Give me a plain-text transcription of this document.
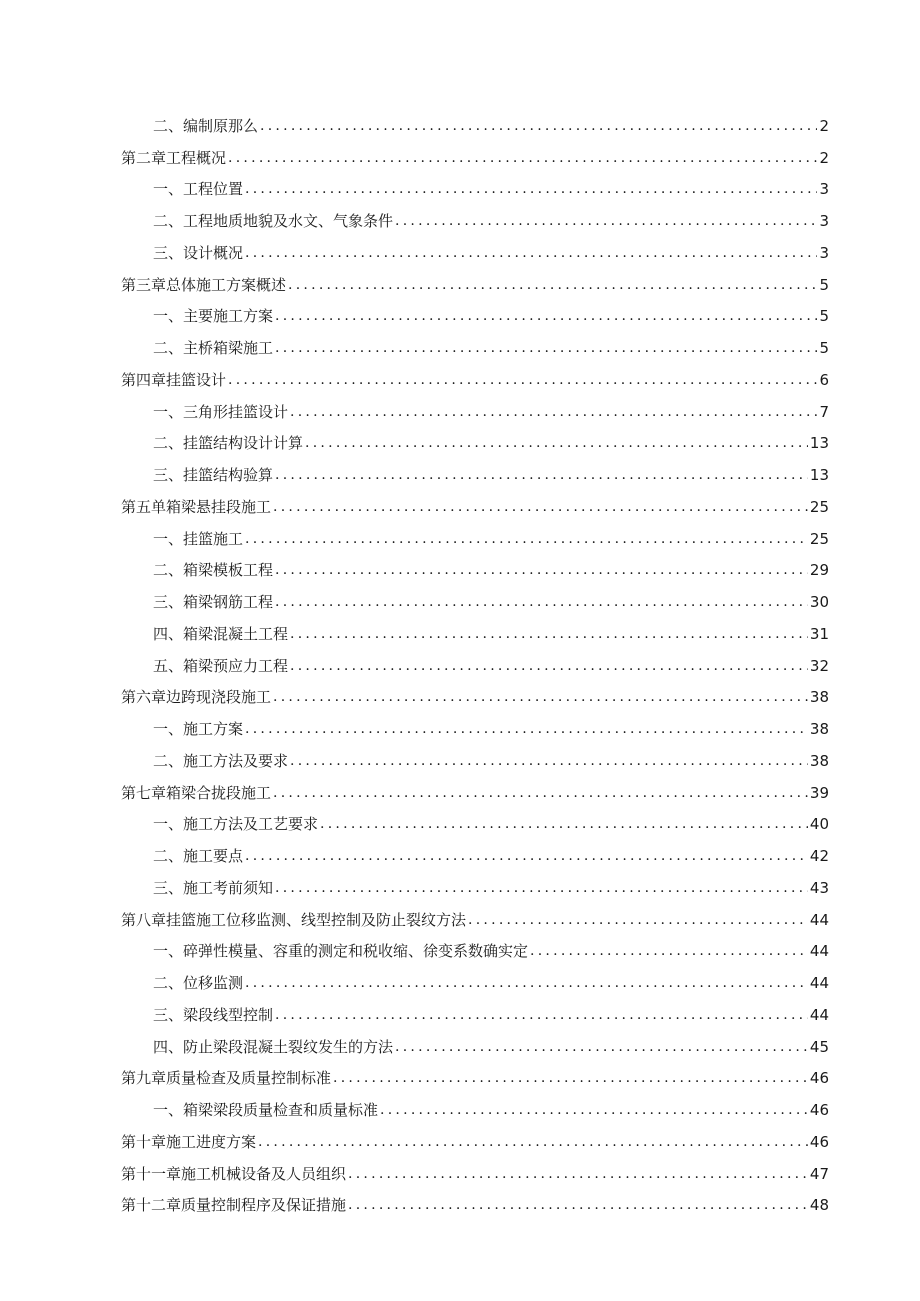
二、编制原那么 . . .	2
第二章工程概况 . . .	2
一、工程位置 . . .	3
二、工程地质地貌及水文、气象条件 . . .	3
三、设计概况 . . .	3
第三章总体施工方案概述 . . .	5
一、主要施工方案 . . .	5
二、主桥箱梁施工 . . .	5
第四章挂篮设计 . . .	6
一、三角形挂篮设计 . . .	7
二、挂篮结构设计计算 . . .	13
三、挂篮结构验算 . . .	13
第五单箱梁悬挂段施工 . . .	25
一、挂篮施工 . . .	25
二、箱梁模板工程 . . .	29
三、箱梁钢筋工程 . . .	30
四、箱梁混凝土工程 . . .	31
五、箱梁预应力工程 . . .	32
第六章边跨现浇段施工 . . .	38
一、施工方案 . . .	38
二、施工方法及要求 . . .	38
第七章箱梁合拢段施工 . . .	39
一、施工方法及工艺要求 . . .	40
二、施工要点 . . .	42
三、施工考前须知 . . .	43
第八章挂篮施工位移监测、线型控制及防止裂纹方法 . . .	44
一、碎弹性模量、容重的测定和税收缩、徐变系数确实定 . . .	44
二、位移监测 . . .	44
三、梁段线型控制 . . .	44
四、防止梁段混凝土裂纹发生的方法 . . .	45
第九章质量检查及质量控制标准 . . .	46
一、箱梁梁段质量检查和质量标准 . . .	46
第十章施工进度方案 . . .	46
第十一章施工机械设备及人员组织 . . .	47
第十二章质量控制程序及保证措施 . . .	48
